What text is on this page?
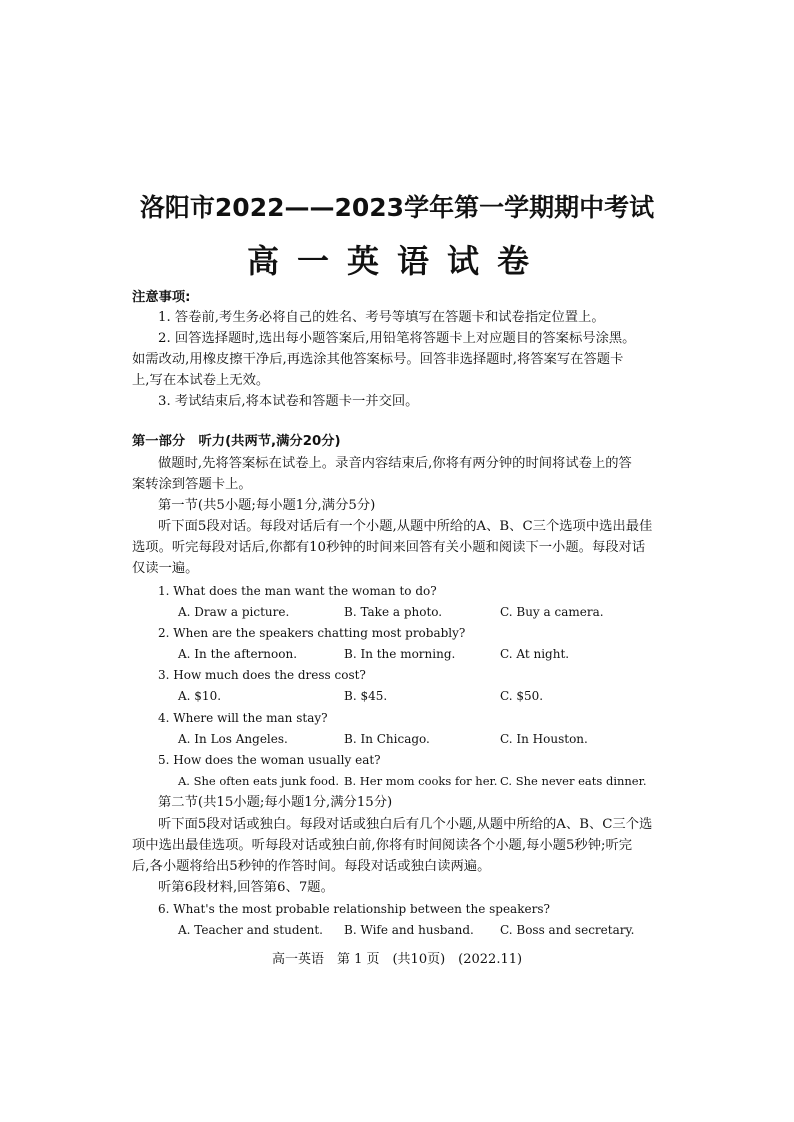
洛阳市2022——2023学年第一学期期中考试
高一英语试卷
注意事项:
1. 答卷前,考生务必将自己的姓名、考号等填写在答题卡和试卷指定位置上。
2. 回答选择题时,选出每小题答案后,用铅笔将答题卡上对应题目的答案标号涂黑。
如需改动,用橡皮擦干净后,再选涂其他答案标号。回答非选择题时,将答案写在答题卡
上,写在本试卷上无效。
3. 考试结束后,将本试卷和答题卡一并交回。
第一部分　听力(共两节,满分20分)
做题时,先将答案标在试卷上。录音内容结束后,你将有两分钟的时间将试卷上的答
案转涂到答题卡上。
第一节(共5小题;每小题1分,满分5分)
听下面5段对话。每段对话后有一个小题,从题中所给的A、B、C三个选项中选出最佳
选项。听完每段对话后,你都有10秒钟的时间来回答有关小题和阅读下一小题。每段对话
仅读一遍。
1. What does the man want the woman to do?
A. Draw a picture.	B. Take a photo.	C. Buy a camera.
2. When are the speakers chatting most probably?
A. In the afternoon.	B. In the morning.	C. At night.
3. How much does the dress cost?
A. $10.	B. $45.	C. $50.
4. Where will the man stay?
A. In Los Angeles.	B. In Chicago.	C. In Houston.
5. How does the woman usually eat?
A. She often eats junk food. B. Her mom cooks for her. C. She never eats dinner.
第二节(共15小题;每小题1分,满分15分)
听下面5段对话或独白。每段对话或独白后有几个小题,从题中所给的A、B、C三个选
项中选出最佳选项。听每段对话或独白前,你将有时间阅读各个小题,每小题5秒钟;听完
后,各小题将给出5秒钟的作答时间。每段对话或独白读两遍。
听第6段材料,回答第6、7题。
6. What's the most probable relationship between the speakers?
A. Teacher and student. B. Wife and husband. C. Boss and secretary.
高一英语　第 1 页　(共10页)　(2022.11)
